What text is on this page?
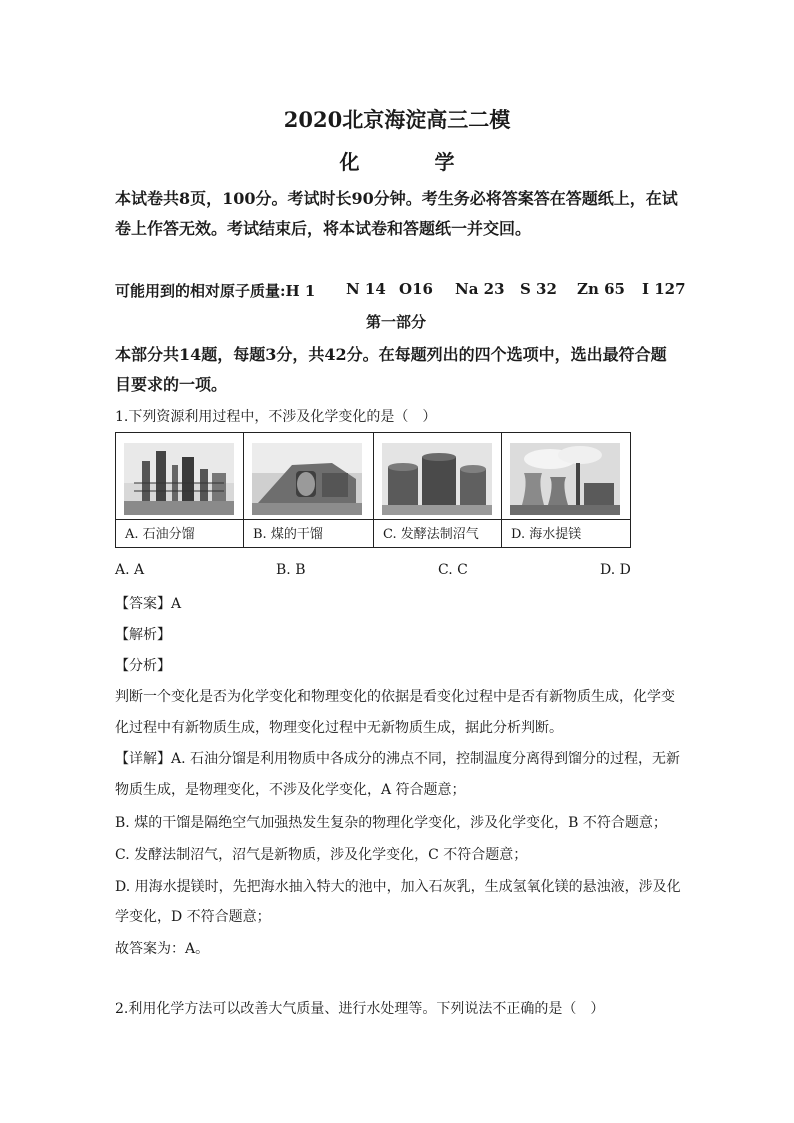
2020北京海淀高三二模
化 学
本试卷共8页，100分。考试时长90分钟。考生务必将答案答在答题纸上，在试
卷上作答无效。考试结束后，将本试卷和答题纸一并交回。
可能用到的相对原子质量:H 1 N 14 O16 Na 23 S 32 Zn 65 I 127
第一部分
本部分共14题，每题3分，共42分。在每题列出的四个选项中，选出最符合题
目要求的一项。
1.下列资源利用过程中，不涉及化学变化的是（　）
A. 石油分馏	B. 煤的干馏	C. 发酵法制沼气 D. 海水提镁
A. A	B. B	C. C	D. D
【答案】A
【解析】
【分析】
判断一个变化是否为化学变化和物理变化的依据是看变化过程中是否有新物质生成，化学变
化过程中有新物质生成，物理变化过程中无新物质生成，据此分析判断。
【详解】A. 石油分馏是利用物质中各成分的沸点不同，控制温度分离得到馏分的过程，无新
物质生成，是物理变化，不涉及化学变化，A 符合题意；
B. 煤的干馏是隔绝空气加强热发生复杂的物理化学变化，涉及化学变化，B 不符合题意；
C. 发酵法制沼气，沼气是新物质，涉及化学变化，C 不符合题意；
D. 用海水提镁时，先把海水抽入特大的池中，加入石灰乳，生成氢氧化镁的悬浊液，涉及化
学变化，D 不符合题意；
故答案为：A。
2.利用化学方法可以改善大气质量、进行水处理等。下列说法不正确的是（　）
